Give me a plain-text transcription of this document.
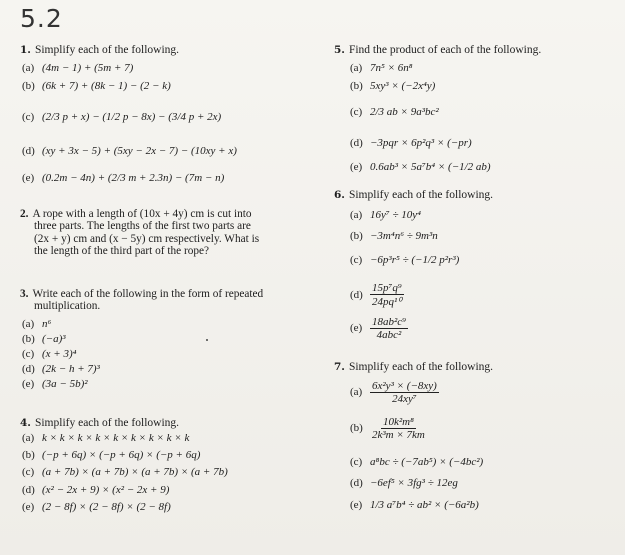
5.2
1. Simplify each of the following.
(a) (4m − 1) + (5m + 7)
(b) (6k + 7) + (8k − 1) − (2 − k)
(c) (2/3 p + x) − (1/2 p − 8x) − (3/4 p + 2x)
(d) (xy + 3x − 5) + (5xy − 2x − 7) − (10xy + x)
(e) (0.2m − 4n) + (2/3 m + 2.3n) − (7m − n)
2. A rope with a length of (10x + 4y) cm is cut into
three parts. The lengths of the first two parts are
(2x + y) cm and (x − 5y) cm respectively. What is
the length of the third part of the rope?
3. Write each of the following in the form of repeated
multiplication.
(a) n⁶
(b) (−a)³
(c) (x + 3)⁴
(d) (2k − h + 7)³
(e) (3a − 5b)²
4. Simplify each of the following.
(a) k × k × k × k × k × k × k × k × k
(b) (−p + 6q) × (−p + 6q) × (−p + 6q)
(c) (a + 7b) × (a + 7b) × (a + 7b) × (a + 7b)
(d) (x² − 2x + 9) × (x² − 2x + 9)
(e) (2 − 8f) × (2 − 8f) × (2 − 8f)
5. Find the product of each of the following.
(a) 7n⁵ × 6n⁸
(b) 5xy³ × (−2x⁴y)
(c) 2/3 ab × 9a³bc²
(d) −3pqr × 6p²q³ × (−pr)
(e) 0.6ab³ × 5a⁷b⁴ × (−1/2 ab)
6. Simplify each of the following.
(a) 16y⁷ ÷ 10y⁴
(b) −3m⁴n⁶ ÷ 9m³n
(c) −6p³r⁵ ÷ (−1/2 p²r³)
$(d) \frac{\text{15p⁷q⁹}}{\text{24pq¹⁰}}$
$(e) \frac{\text{18ab²c⁹}}{\text{4abc²}}$
7. Simplify each of the following.
$(a) \frac{\text{6x²y³ × (−8xy)}}{\text{24xy⁷}}$
$(b) \frac{\text{10k²m⁸}}{\text{2k³m × 7km}}$
(c) a⁸bc ÷ (−7ab⁵) × (−4bc²)
(d) −6ef⁵ × 3fg³ ÷ 12eg
(e) 1/3 a⁷b⁴ ÷ ab² × (−6a²b)
